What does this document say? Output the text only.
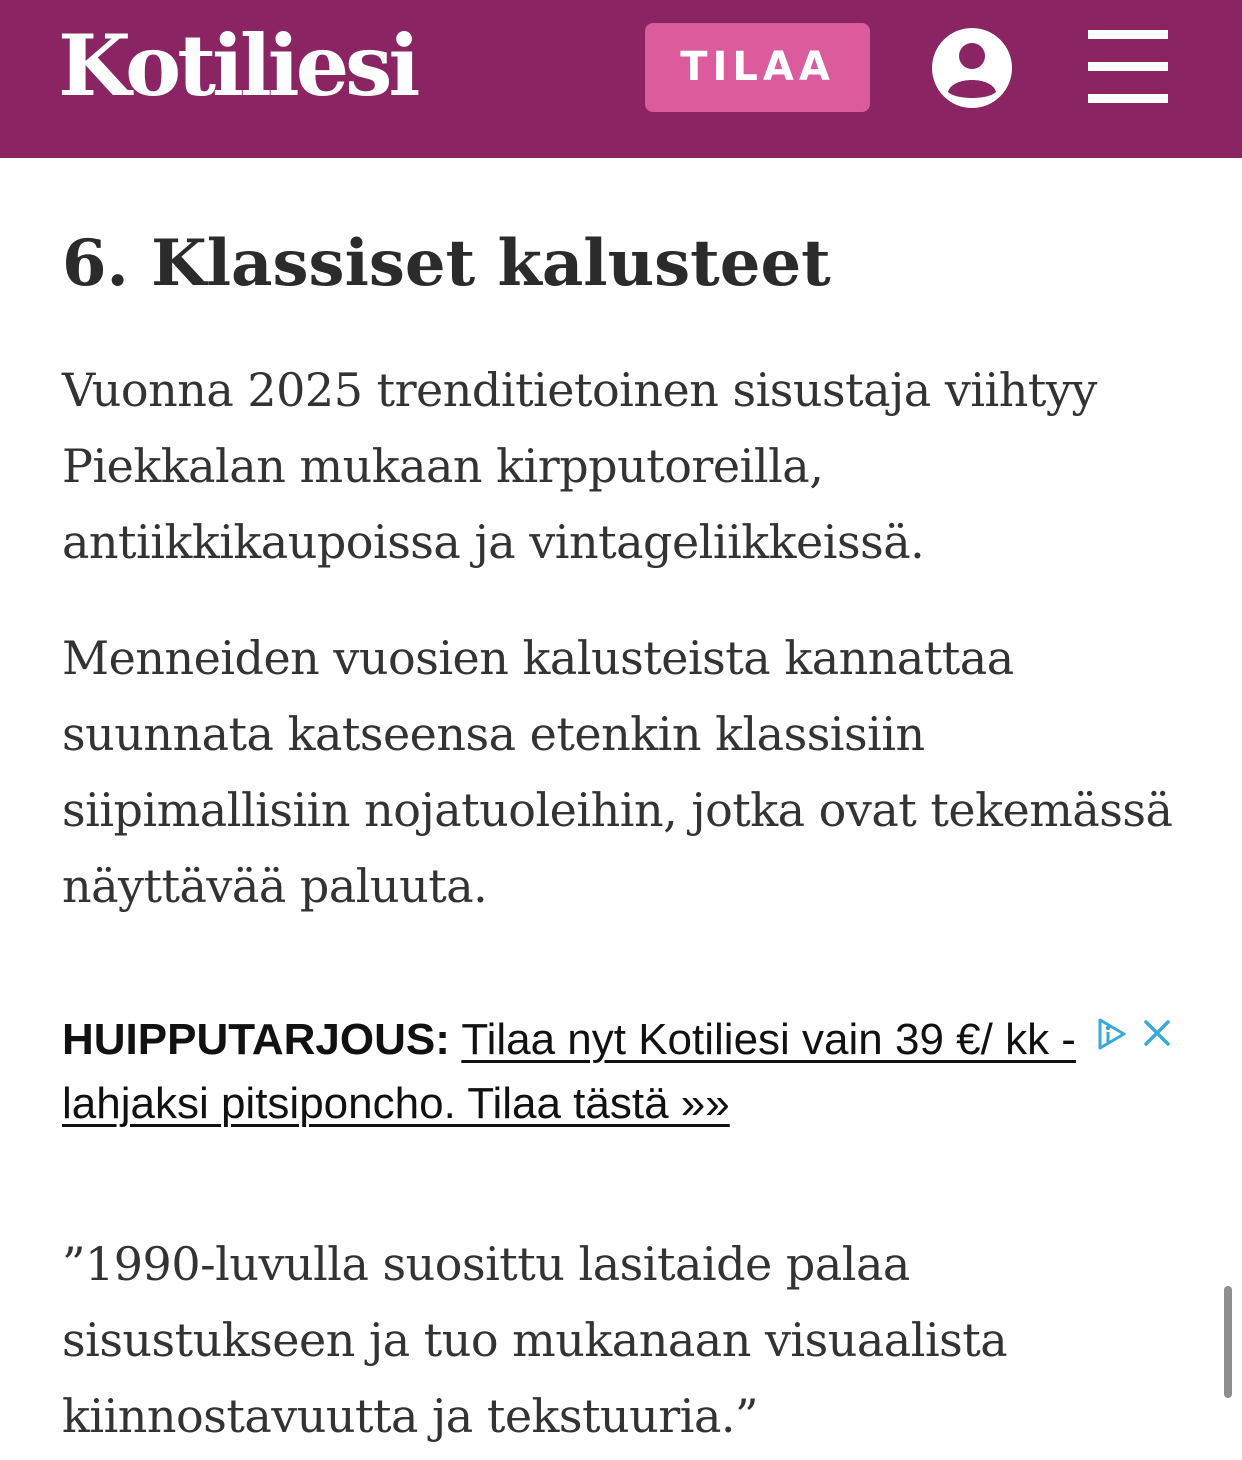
Kotiliesi	TILAA
6. Klassiset kalusteet

Vuonna 2025 trenditietoinen sisustaja viihtyy Piekkalan mukaan kirpputoreilla, antiikkikaupoissa ja vintageliikkeissä.

Menneiden vuosien kalusteista kannattaa suunnata katseensa etenkin klassisiin siipimallisiin nojatuoleihin, jotka ovat tekemässä näyttävää paluuta.

HUIPPUTARJOUS: Tilaa nyt Kotiliesi vain 39 €/ kk - lahjaksi pitsiponcho. Tilaa tästä »»

”1990-luvulla suosittu lasitaide palaa sisustukseen ja tuo mukanaan visuaalista kiinnostavuutta ja tekstuuria.”
